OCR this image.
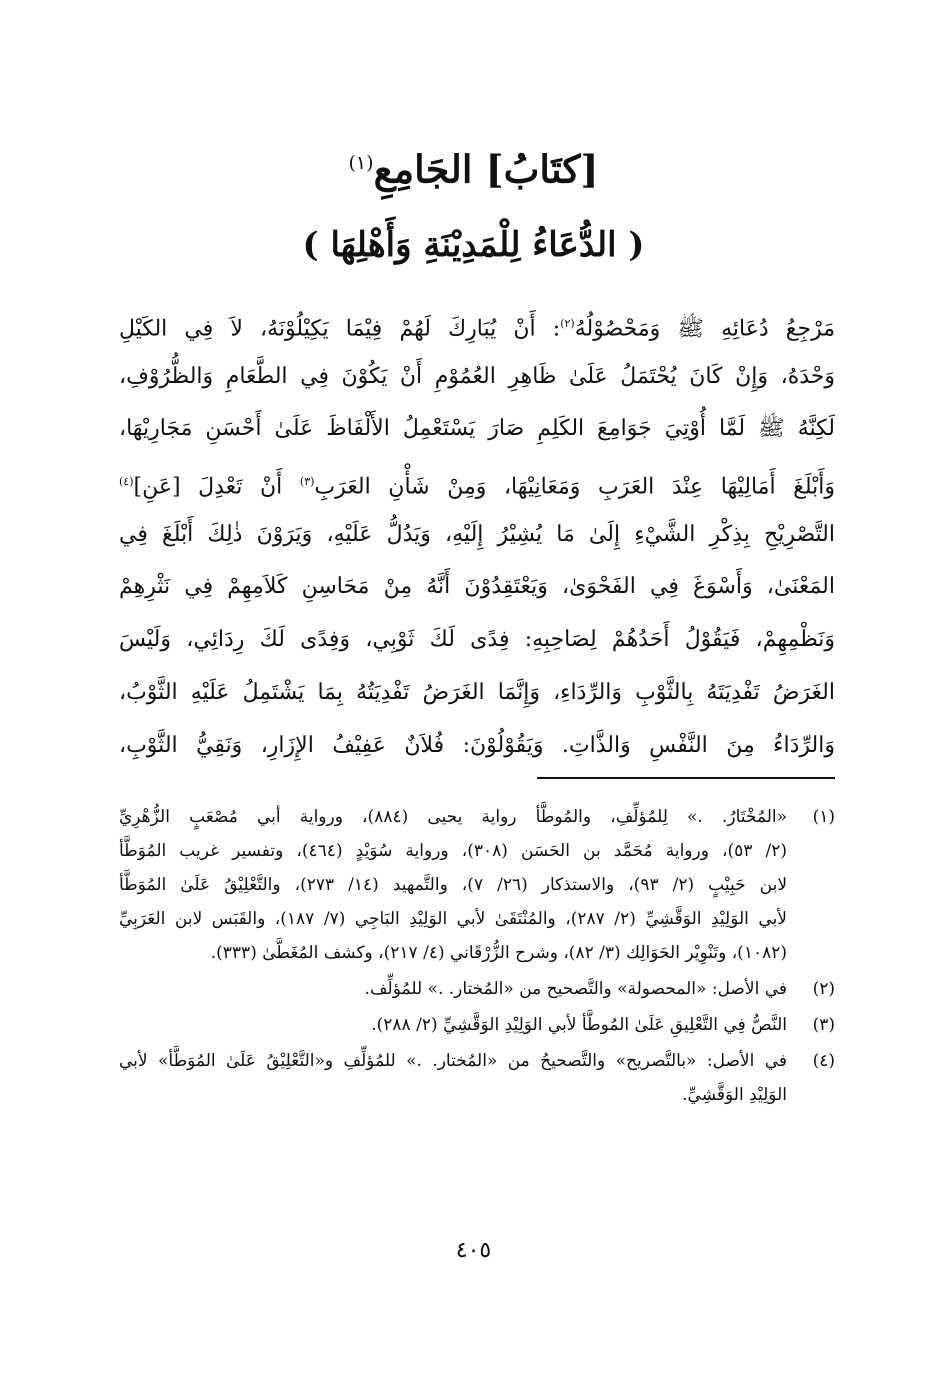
[كتَابُ] الجَامِعِ$^{(١)}$
( الدُّعَاءُ لِلْمَدِيْنَةِ وَأَهْلِهَا )
مَرْجِعُ دُعَائِهِ ﷺ وَمَحْصُوْلُهُ$^{(٢)}$: أَنْ يُبَارِكَ لَهُمْ فِيْمَا يَكِيْلُوْنَهُ، لاَ فِي الكَيْلِ
وَحْدَهُ، وَإِنْ كَانَ يُحْتَمَلُ عَلَىٰ ظَاهِرِ العُمُوْمِ أَنْ يَكُوْنَ فِي الطَّعَامِ وَالظُّرُوْفِ،
لَكِنَّهُ ﷺ لَمَّا أُوْتِيَ جَوَامِعَ الكَلِمِ صَارَ يَسْتَعْمِلُ الأَلْفَاظَ عَلَىٰ أَحْسَنِ مَجَارِيْهَا،
وَأَبْلَغَ أَمَالِيْهَا عِنْدَ العَرَبِ وَمَعَانِيْهَا، وَمِنْ شَأْنِ العَرَبِ$^{(٣)}$ أَنْ تَعْدِلَ [عَنِ]$^{(٤)}$
التَّصْرِيْحِ بِذِكْرِ الشَّيْءِ إِلَىٰ مَا يُشِيْرُ إِلَيْهِ، وَيَدُلُّ عَلَيْهِ، وَيَرَوْنَ ذٰلِكَ أَبْلَغَ فِي
المَعْنَىٰ، وَأَسْوَغَ فِي الفَحْوَىٰ، وَيَعْتَقِدُوْنَ أَنَّهُ مِنْ مَحَاسِنِ كَلاَمِهِمْ فِي نَثْرِهِمْ
وَنَظْمِهِمْ، فَيَقُوْلُ أَحَدُهُمْ لِصَاحِبِهِ: فِدًى لَكَ ثَوْبِي، وَفِدًى لَكَ رِدَائِي، وَلَيْسَ
الغَرَضُ تَفْدِيَتَهُ بِالثَّوْبِ وَالرِّدَاءِ، وَإِنَّمَا الغَرَضُ تَفْدِيَتُهُ بِمَا يَشْتَمِلُ عَلَيْهِ الثَّوْبُ،
وَالرِّدَاءُ مِنَ النَّفْسِ وَالذَّاتِ. وَيَقُوْلُوْنَ: فُلاَنٌ عَفِيْفُ الإِزَارِ، وَنَقِيُّ الثَّوْبِ،
(١)
«المُخْتَارُ. .» لِلمُؤلِّفِ، والمُوطَّأ رواية يحيى (٨٨٤)، ورواية أبي مُصْعَبٍ الزُّهْرِيِّ
(٢/ ٥٣)، ورواية مُحَمَّد بن الحَسَن (٣٠٨)، ورواية سُوَيْدٍ (٤٦٤)، وتفسير غريب المُوَطَّأ
لابن حَبِيْبٍ (٢/ ٩٣)، والاستذكار (٢٦/ ٧)، والتَّمهيد (١٤/ ٢٧٣)، والتَّعْلِيْقُ عَلَىٰ المُوَطَّأ
لأبي الوَلِيْدِ الوَقَّشِيِّ (٢/ ٢٨٧)، والمُنْتَقَىٰ لأبي الوَلِيْدِ البَاجِي (٧/ ١٨٧)، والقَبَس لابن العَرَبِيِّ
(١٠٨٢)، وتَنْوِيْر الحَوَالِك (٣/ ٨٢)، وشرح الزُّرْقَاني (٤/ ٢١٧)، وكشف المُغَطَّىٰ (٣٣٣).
(٢)
في الأصل: «المحصولة» والتَّصحيح من «المُختار. .» للمُؤلِّف.
(٣)
النَّصُّ فِي التَّعْلِيقِ عَلَىٰ المُوطَّأ لأبي الوَلِيْدِ الوَقَّشِيِّ (٢/ ٢٨٨).
(٤)
في الأصل: «بالتَّصريح» والتَّصحيحُ من «المُختار. .» للمُؤلِّفِ و«التَّعْلِيْقُ عَلَىٰ المُوَطَّأ» لأبي
الوَلِيْدِ الوَقَّشِيِّ.
٤٠٥
